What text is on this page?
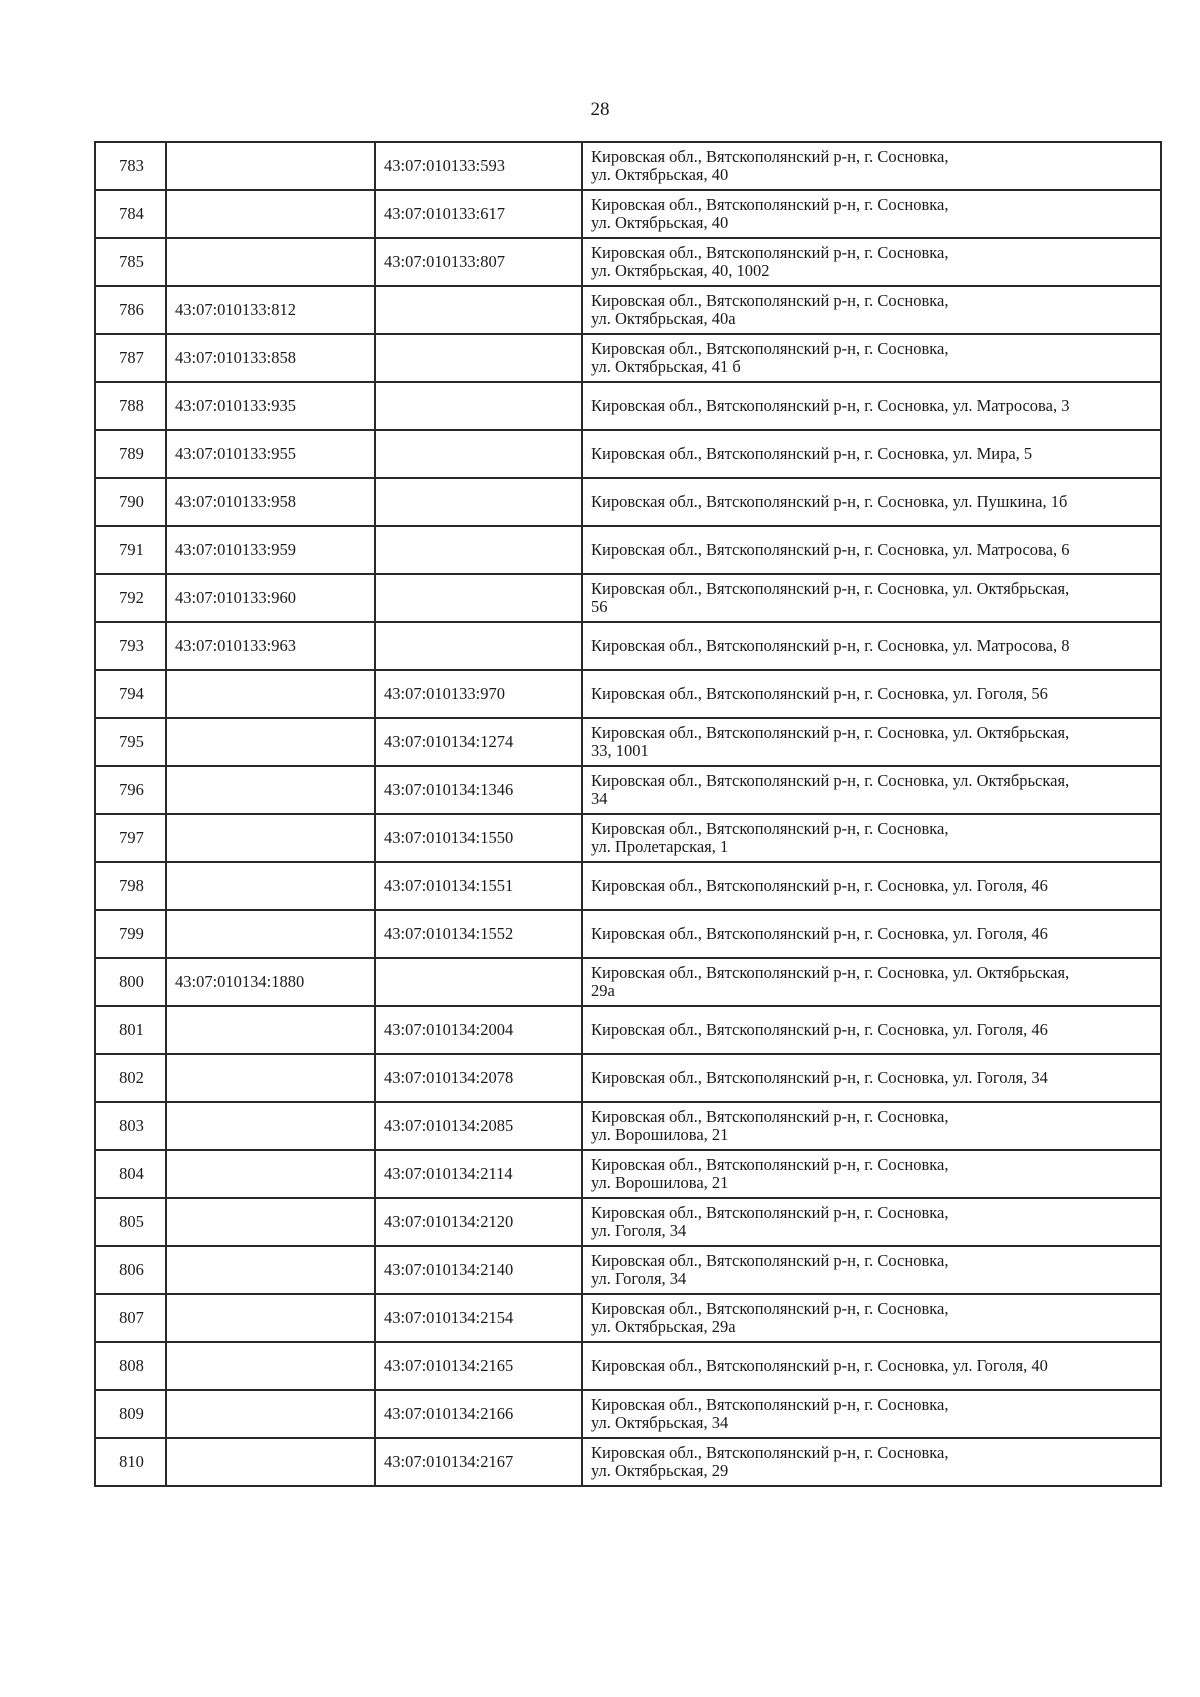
28
783		43:07:010133:593	Кировская обл., Вятскополянский р-н, г. Сосновка,
ул. Октябрьская, 40
784		43:07:010133:617	Кировская обл., Вятскополянский р-н, г. Сосновка,
ул. Октябрьская, 40
785		43:07:010133:807	Кировская обл., Вятскополянский р-н, г. Сосновка,
ул. Октябрьская, 40, 1002
786	43:07:010133:812		Кировская обл., Вятскополянский р-н, г. Сосновка,
ул. Октябрьская, 40а
787	43:07:010133:858		Кировская обл., Вятскополянский р-н, г. Сосновка,
ул. Октябрьская, 41 б
788	43:07:010133:935		Кировская обл., Вятскополянский р-н, г. Сосновка, ул. Матросова, 3
789	43:07:010133:955		Кировская обл., Вятскополянский р-н, г. Сосновка, ул. Мира, 5
790	43:07:010133:958		Кировская обл., Вятскополянский р-н, г. Сосновка, ул. Пушкина, 1б
791	43:07:010133:959		Кировская обл., Вятскополянский р-н, г. Сосновка, ул. Матросова, 6
792	43:07:010133:960		Кировская обл., Вятскополянский р-н, г. Сосновка, ул. Октябрьская,
56
793	43:07:010133:963		Кировская обл., Вятскополянский р-н, г. Сосновка, ул. Матросова, 8
794		43:07:010133:970	Кировская обл., Вятскополянский р-н, г. Сосновка, ул. Гоголя, 56
795		43:07:010134:1274	Кировская обл., Вятскополянский р-н, г. Сосновка, ул. Октябрьская,
33, 1001
796		43:07:010134:1346	Кировская обл., Вятскополянский р-н, г. Сосновка, ул. Октябрьская,
34
797		43:07:010134:1550	Кировская обл., Вятскополянский р-н, г. Сосновка,
ул. Пролетарская, 1
798		43:07:010134:1551	Кировская обл., Вятскополянский р-н, г. Сосновка, ул. Гоголя, 46
799		43:07:010134:1552	Кировская обл., Вятскополянский р-н, г. Сосновка, ул. Гоголя, 46
800	43:07:010134:1880		Кировская обл., Вятскополянский р-н, г. Сосновка, ул. Октябрьская,
29а
801		43:07:010134:2004	Кировская обл., Вятскополянский р-н, г. Сосновка, ул. Гоголя, 46
802		43:07:010134:2078	Кировская обл., Вятскополянский р-н, г. Сосновка, ул. Гоголя, 34
803		43:07:010134:2085	Кировская обл., Вятскополянский р-н, г. Сосновка,
ул. Ворошилова, 21
804		43:07:010134:2114	Кировская обл., Вятскополянский р-н, г. Сосновка,
ул. Ворошилова, 21
805		43:07:010134:2120	Кировская обл., Вятскополянский р-н, г. Сосновка,
ул. Гоголя, 34
806		43:07:010134:2140	Кировская обл., Вятскополянский р-н, г. Сосновка,
ул. Гоголя, 34
807		43:07:010134:2154	Кировская обл., Вятскополянский р-н, г. Сосновка,
ул. Октябрьская, 29а
808		43:07:010134:2165	Кировская обл., Вятскополянский р-н, г. Сосновка, ул. Гоголя, 40
809		43:07:010134:2166	Кировская обл., Вятскополянский р-н, г. Сосновка,
ул. Октябрьская, 34
810		43:07:010134:2167	Кировская обл., Вятскополянский р-н, г. Сосновка,
ул. Октябрьская, 29
